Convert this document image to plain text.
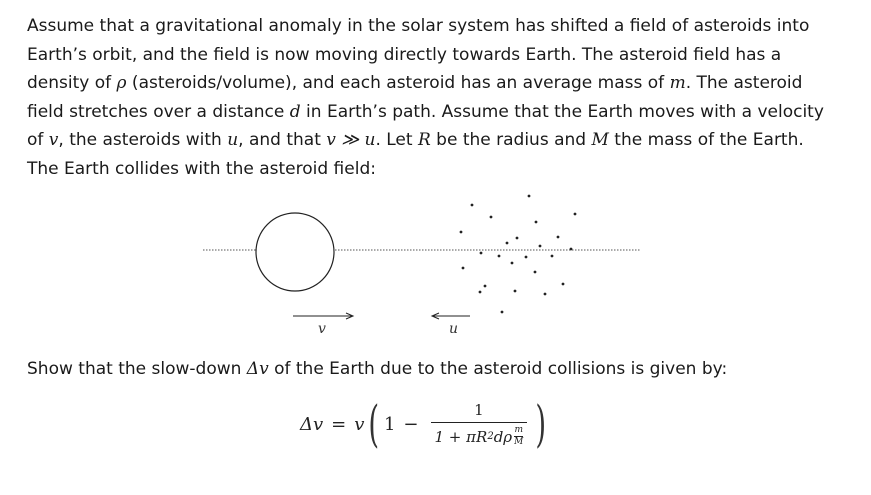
Assume that a gravitational anomaly in the solar system has shifted a field of asteroids into Earth’s orbit, and the field is now moving directly towards Earth. The asteroid field has a density of ρ (asteroids/volume), and each asteroid has an average mass of m. The asteroid field stretches over a distance d in Earth’s path. Assume that the Earth moves with a velocity of v, the asteroids with u, and that v ≫ u. Let R be the radius and M the mass of the Earth. The Earth collides with the asteroid field:
v	u
Show that the slow-down Δv of the Earth due to the asteroid collisions is given by:
Δv = v ( 1 − 1
1 + πR 2 dρ m
M )
